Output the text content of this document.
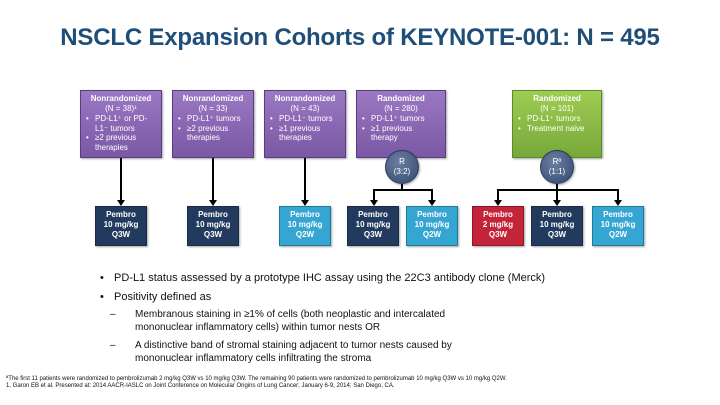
NSCLC Expansion Cohorts of KEYNOTE-001: N = 495
Nonrandomized
(N = 38)¹
• PD-L1⁺ or PD-L1⁻ tumors
• ≥2 previous therapies
Nonrandomized
(N = 33)
• PD-L1⁺ tumors
• ≥2 previous therapies
Nonrandomized
(N = 43)
• PD-L1⁻ tumors
• ≥1 previous therapies
Randomized
(N = 280)
• PD-L1⁺ tumors
• ≥1 previous therapy
Randomized
(N = 101)
• PD-L1⁺ tumors
• Treatment naive
R
(3:2)
Rª
(1:1)
Pembro
10 mg/kg
Q3W
Pembro
10 mg/kg
Q3W
Pembro
10 mg/kg
Q2W
Pembro
10 mg/kg
Q3W
Pembro
10 mg/kg
Q2W
Pembro
2 mg/kg
Q3W
Pembro
10 mg/kg
Q3W
Pembro
10 mg/kg
Q2W
• PD-L1 status assessed by a prototype IHC assay using the 22C3 antibody clone (Merck)
• Positivity defined as
– Membranous staining in ≥1% of cells (both neoplastic and intercalated mononuclear inflammatory cells) within tumor nests OR
– A distinctive band of stromal staining adjacent to tumor nests caused by mononuclear inflammatory cells infiltrating the stroma
ªThe first 11 patients were randomized to pembrolizumab 2 mg/kg Q3W vs 10 mg/kg Q3W. The remaining 90 patients were randomized to pembrolizumab 10 mg/kg Q3W vs 10 mg/kg Q2W.
1. Garon EB et al. Presented at: 2014 AACR-IASLC on Joint Conference on Molecular Origins of Lung Cancer; January 6-9, 2014; San Diego, CA.
